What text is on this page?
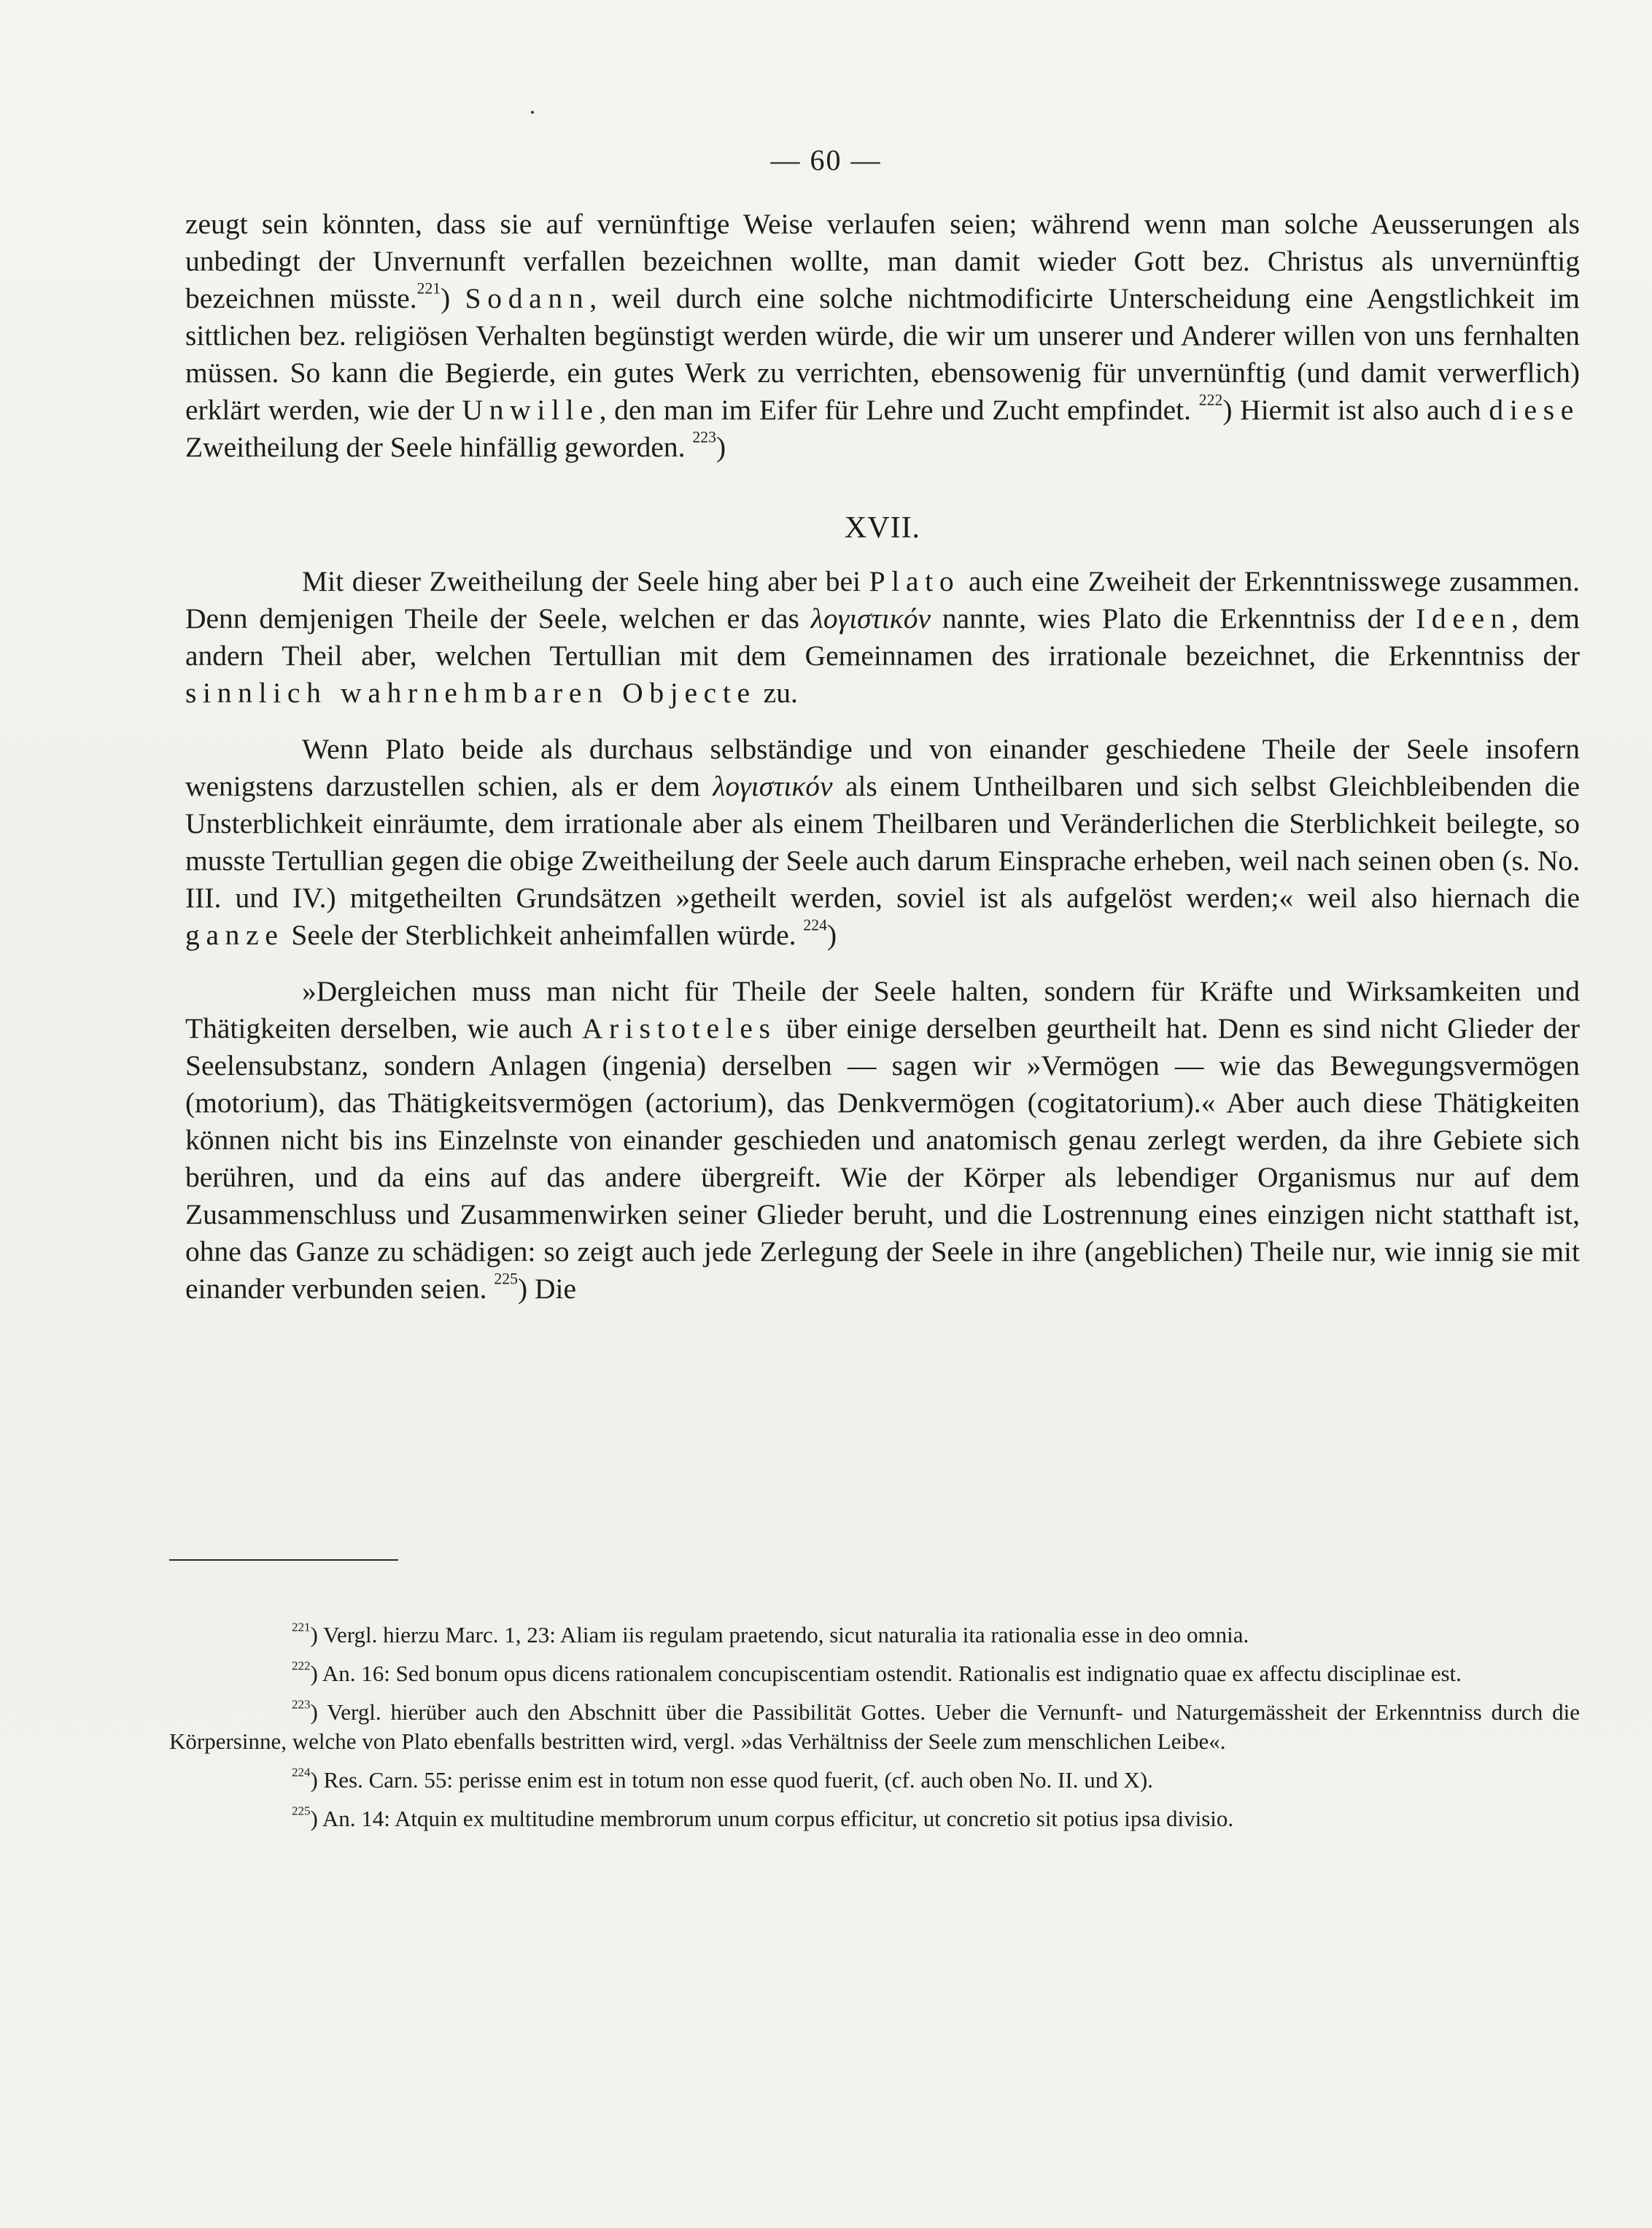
— 60 —

zeugt sein könnten, dass sie auf vernünftige Weise verlaufen seien; während wenn man solche Aeusserungen als unbedingt der Unvernunft verfallen bezeichnen wollte, man damit wieder Gott bez. Christus als unvernünftig bezeichnen müsste.$^{221}$) Sodann, weil durch eine solche nichtmodificirte Unterscheidung eine Aengstlichkeit im sittlichen bez. religiösen Verhalten begünstigt werden würde, die wir um unserer und Anderer willen von uns fernhalten müssen. So kann die Begierde, ein gutes Werk zu verrichten, ebensowenig für unvernünftig (und damit verwerflich) erklärt werden, wie der Unwille, den man im Eifer für Lehre und Zucht empfindet. $^{222}$) Hiermit ist also auch diese Zweitheilung der Seele hinfällig geworden. $^{223}$)

XVII.

Mit dieser Zweitheilung der Seele hing aber bei Plato auch eine Zweiheit der Erkenntnisswege zusammen. Denn demjenigen Theile der Seele, welchen er das λογιστικόν nannte, wies Plato die Erkenntniss der Ideen, dem andern Theil aber, welchen Tertullian mit dem Gemeinnamen des irrationale bezeichnet, die Erkenntniss der sinnlich wahrnehmbaren Objecte zu.

Wenn Plato beide als durchaus selbständige und von einander geschiedene Theile der Seele insofern wenigstens darzustellen schien, als er dem λογιστικόν als einem Untheilbaren und sich selbst Gleichbleibenden die Unsterblichkeit einräumte, dem irrationale aber als einem Theilbaren und Veränderlichen die Sterblichkeit beilegte, so musste Tertullian gegen die obige Zweitheilung der Seele auch darum Einsprache erheben, weil nach seinen oben (s. No. III. und IV.) mitgetheilten Grundsätzen »getheilt werden, soviel ist als aufgelöst werden;« weil also hiernach die ganze Seele der Sterblichkeit anheimfallen würde. $^{224}$)

»Dergleichen muss man nicht für Theile der Seele halten, sondern für Kräfte und Wirksamkeiten und Thätigkeiten derselben, wie auch Aristoteles über einige derselben geurtheilt hat. Denn es sind nicht Glieder der Seelensubstanz, sondern Anlagen (ingenia) derselben — sagen wir »Vermögen — wie das Bewegungsvermögen (motorium), das Thätigkeitsvermögen (actorium), das Denkvermögen (cogitatorium).« Aber auch diese Thätigkeiten können nicht bis ins Einzelnste von einander geschieden und anatomisch genau zerlegt werden, da ihre Gebiete sich berühren, und da eins auf das andere übergreift. Wie der Körper als lebendiger Organismus nur auf dem Zusammenschluss und Zusammenwirken seiner Glieder beruht, und die Lostrennung eines einzigen nicht statthaft ist, ohne das Ganze zu schädigen: so zeigt auch jede Zerlegung der Seele in ihre (angeblichen) Theile nur, wie innig sie mit einander verbunden seien. $^{225}$) Die

$^{221}$) Vergl. hierzu Marc. 1, 23: Aliam iis regulam praetendo, sicut naturalia ita rationalia esse in deo omnia.

$^{222}$) An. 16: Sed bonum opus dicens rationalem concupiscentiam ostendit. Rationalis est indignatio quae ex affectu disciplinae est.

$^{223}$) Vergl. hierüber auch den Abschnitt über die Passibilität Gottes. Ueber die Vernunft- und Naturgemässheit der Erkenntniss durch die Körpersinne, welche von Plato ebenfalls bestritten wird, vergl. »das Verhältniss der Seele zum menschlichen Leibe«.

$^{224}$) Res. Carn. 55: perisse enim est in totum non esse quod fuerit, (cf. auch oben No. II. und X).

$^{225}$) An. 14: Atquin ex multitudine membrorum unum corpus efficitur, ut concretio sit potius ipsa divisio.
